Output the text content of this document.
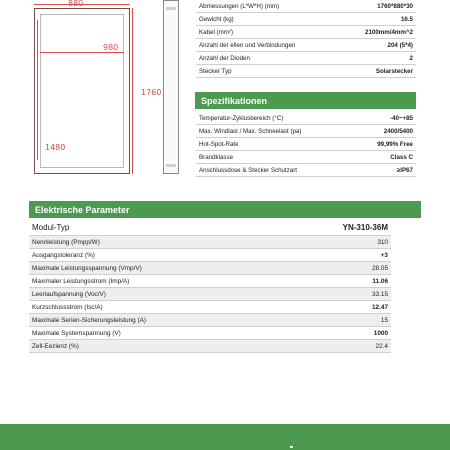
880
980
1760
1480
Abmessungen (L*W*H) (mm)	1760*880*30
Gewicht (kg)	16.5
Kabel (mm²)	2100mm/4mm^2
Anzahl der ellen und Verbindungen	204 (5*4)
Anzahl der Dioden	2
Stecker Typ	Solarstecker
Spezifikationen
Temperatur-Zyklusbereich (°C)	-40~+85
Max. Windlast / Max. Schneelast (pa)	2400/5400
Hot-Spot-Rate	99,99% Free
Brandklasse	Class C
Anschlussdose & Stecker Schutzart	≥IP67
Elektrische Parameter
Modul-Typ	YN-310-36M
Nennleistung (Pmpp/W)	310
Ausgangstoleranz (%)	+3
Maximale Leistungsspannung (Vmp/V)	28.05
Maximaler Leistungsstrom (Imp/A)	11.06
Leerlaufspannung (Voc/V)	33.15
Kurzschlussstrom (Isc/A)	12.47
Maximale Serien-Sicherungsleistung (A)	15
Maximale Systemspannung (V)	1000
Zell-Eezienz (%)	22.4
